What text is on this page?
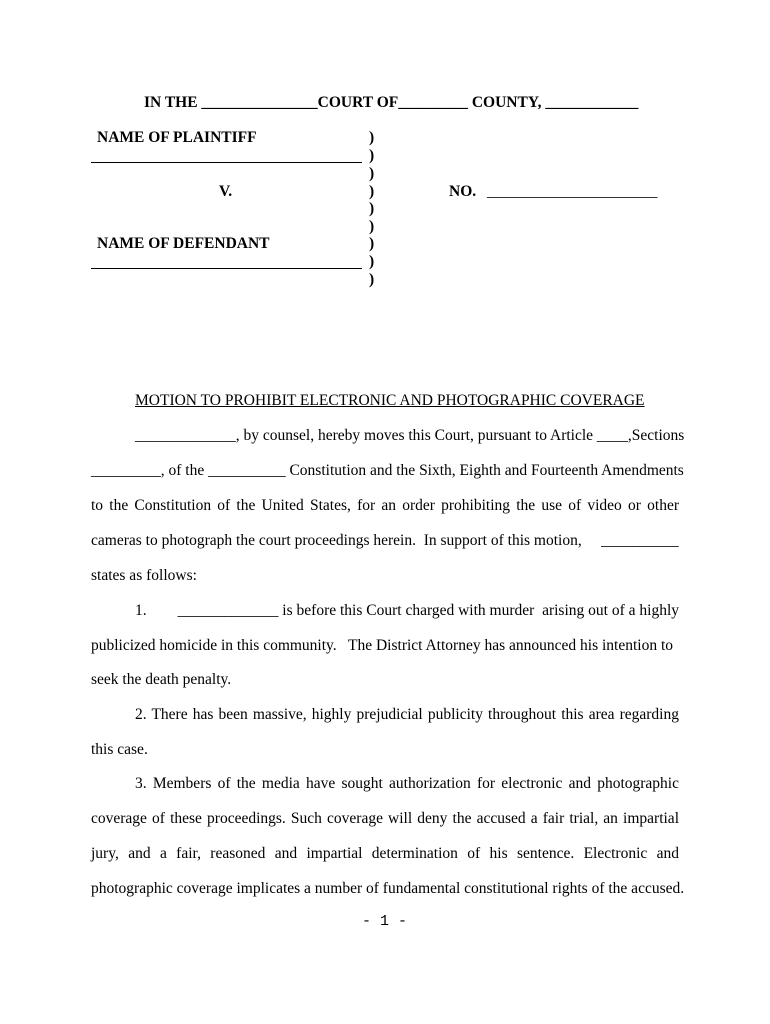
IN THE _______________COURT OF_________ COUNTY, ____________
NAME OF PLAINTIFF
V.
NAME OF DEFENDANT
)
)
)
)
)
)
)
)
)
NO. ______________________
MOTION TO PROHIBIT ELECTRONIC AND PHOTOGRAPHIC COVERAGE
_____________, by counsel, hereby moves this Court, pursuant to Article ____,Sections
_________, of the __________ Constitution and the Sixth, Eighth and Fourteenth Amendments
to the Constitution of the United States, for an order prohibiting the use of video or other
cameras to photograph the court proceedings herein.  In support of this motion,     __________
states as follows:
1.        _____________ is before this Court charged with murder  arising out of a highly
publicized homicide in this community.   The District Attorney has announced his intention to
seek the death penalty.
2. There has been massive, highly prejudicial publicity throughout this area regarding
this case.
3. Members of the media have sought authorization for electronic and photographic
coverage of these proceedings. Such coverage will deny the accused a fair trial, an impartial
jury, and a fair, reasoned and impartial determination of his sentence. Electronic and
photographic coverage implicates a number of fundamental constitutional rights of the accused.
- 1 -
